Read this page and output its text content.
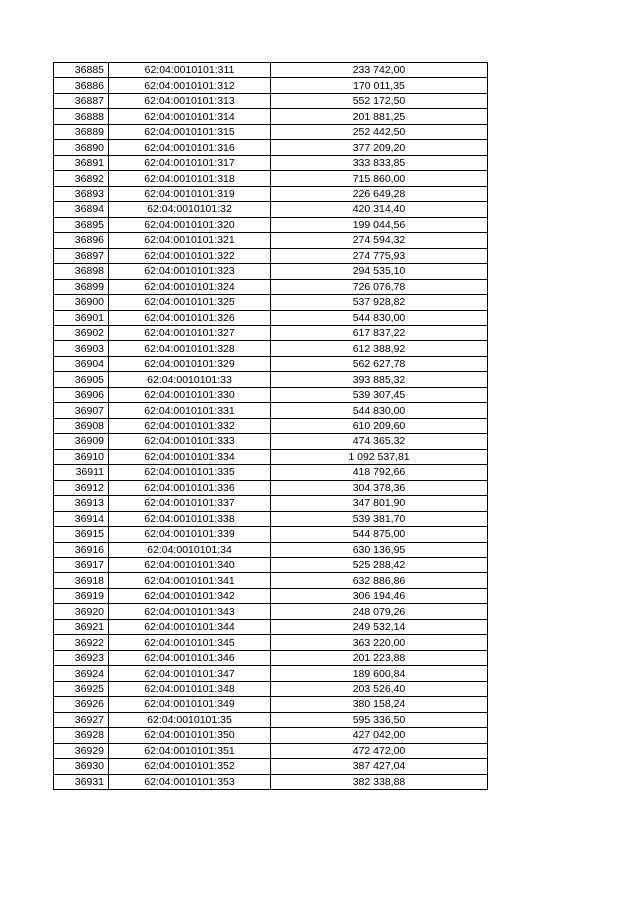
36885	62:04:0010101:311	233 742,00
36886	62:04:0010101:312	170 011,35
36887	62:04:0010101:313	552 172,50
36888	62:04:0010101:314	201 881,25
36889	62:04:0010101:315	252 442,50
36890	62:04:0010101:316	377 209,20
36891	62:04:0010101:317	333 833,85
36892	62:04:0010101:318	715 860,00
36893	62:04:0010101:319	226 649,28
36894	62:04:0010101:32	420 314,40
36895	62:04:0010101:320	199 044,56
36896	62:04:0010101:321	274 594,32
36897	62:04:0010101:322	274 775,93
36898	62:04:0010101:323	294 535,10
36899	62:04:0010101:324	726 076,78
36900	62:04:0010101:325	537 928,82
36901	62:04:0010101:326	544 830,00
36902	62:04:0010101:327	617 837,22
36903	62:04:0010101:328	612 388,92
36904	62:04:0010101:329	562 627,78
36905	62:04:0010101:33	393 885,32
36906	62:04:0010101:330	539 307,45
36907	62:04:0010101:331	544 830,00
36908	62:04:0010101:332	610 209,60
36909	62:04:0010101:333	474 365,32
36910	62:04:0010101:334	1 092 537,81
36911	62:04:0010101:335	418 792,66
36912	62:04:0010101:336	304 378,36
36913	62:04:0010101:337	347 801,90
36914	62:04:0010101:338	539 381,70
36915	62:04:0010101:339	544 875,00
36916	62:04:0010101:34	630 136,95
36917	62:04:0010101:340	525 288,42
36918	62:04:0010101:341	632 886,86
36919	62:04:0010101:342	306 194,46
36920	62:04:0010101:343	248 079,26
36921	62:04:0010101:344	249 532,14
36922	62:04:0010101:345	363 220,00
36923	62:04:0010101:346	201 223,88
36924	62:04:0010101:347	189 600,84
36925	62:04:0010101:348	203 526,40
36926	62:04:0010101:349	380 158,24
36927	62:04:0010101:35	595 336,50
36928	62:04:0010101:350	427 042,00
36929	62:04:0010101:351	472 472,00
36930	62:04:0010101:352	387 427,04
36931	62:04:0010101:353	382 338,88
